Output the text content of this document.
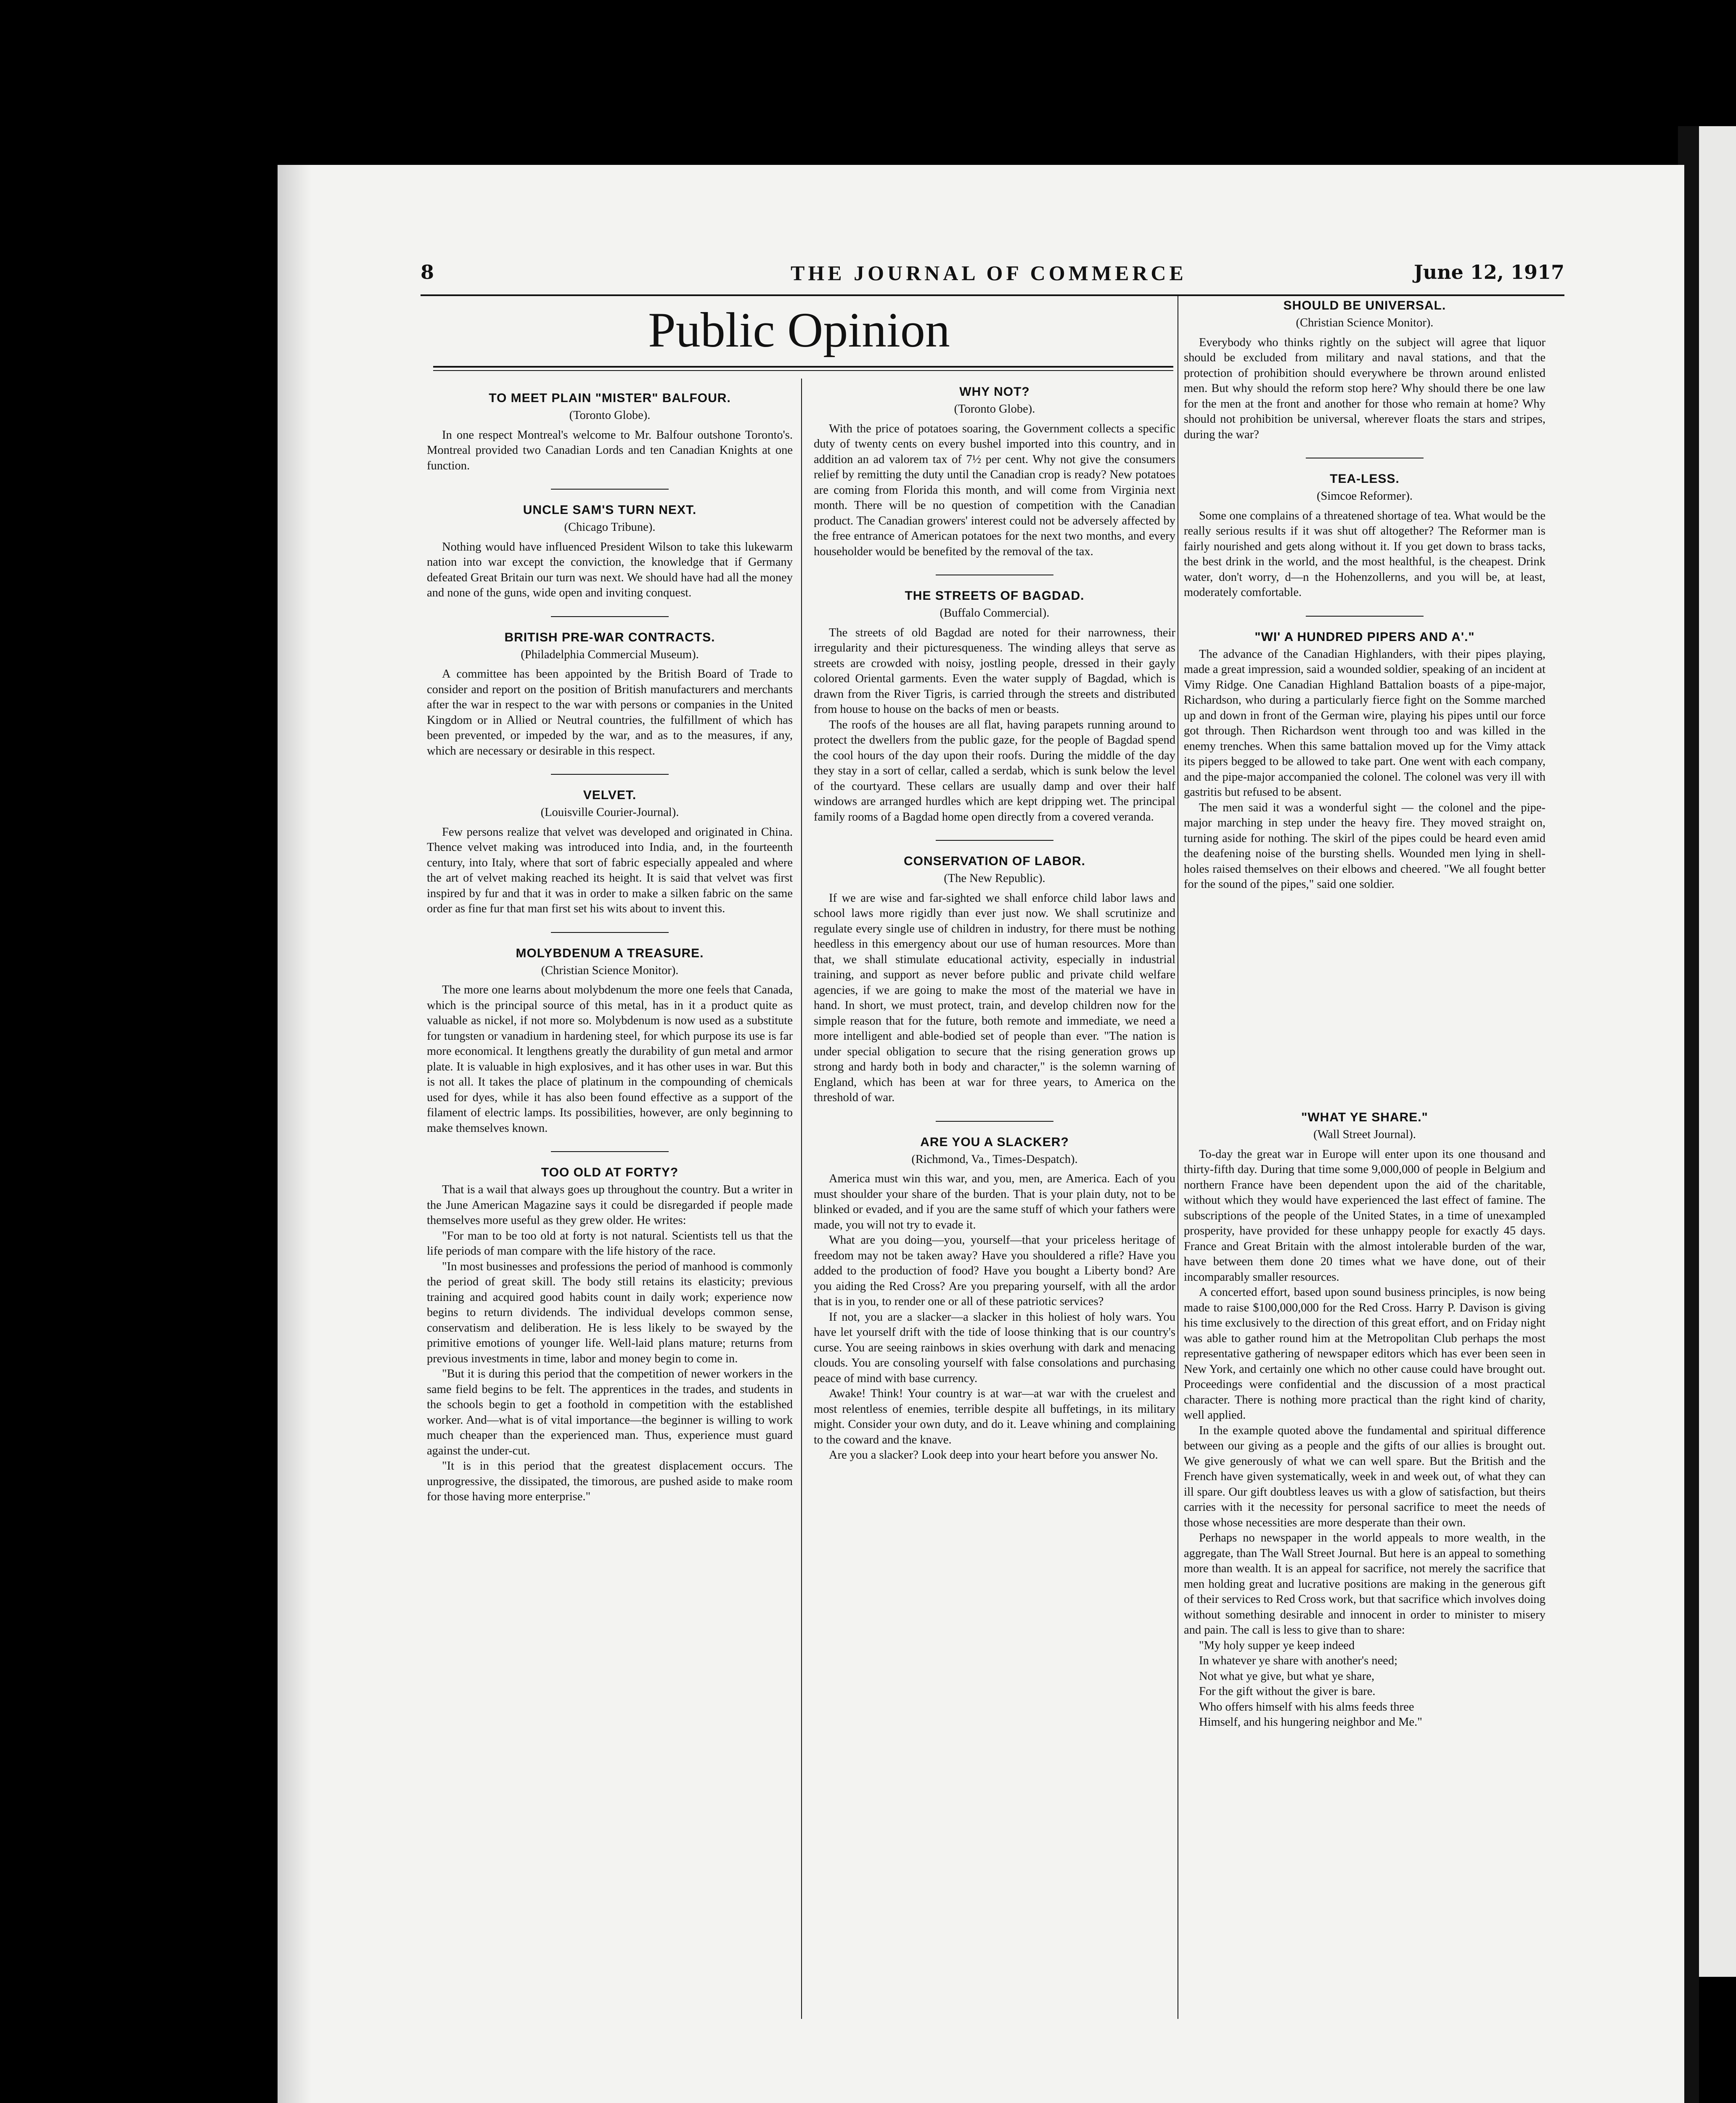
8	THE JOURNAL OF COMMERCE	June 12, 1917
Public Opinion
TO MEET PLAIN "MISTER" BALFOUR.
(Toronto Globe).

In one respect Montreal's welcome to Mr. Balfour outshone Toronto's. Montreal provided two Canadian Lords and ten Canadian Knights at one function.

UNCLE SAM'S TURN NEXT.
(Chicago Tribune).

Nothing would have influenced President Wilson to take this lukewarm nation into war except the conviction, the knowledge that if Germany defeated Great Britain our turn was next. We should have had all the money and none of the guns, wide open and inviting conquest.

BRITISH PRE-WAR CONTRACTS.
(Philadelphia Commercial Museum).

A committee has been appointed by the British Board of Trade to consider and report on the position of British manufacturers and merchants after the war in respect to the war with persons or companies in the United Kingdom or in Allied or Neutral countries, the fulfillment of which has been prevented, or impeded by the war, and as to the measures, if any, which are necessary or desirable in this respect.

VELVET.
(Louisville Courier-Journal).

Few persons realize that velvet was developed and originated in China. Thence velvet making was introduced into India, and, in the fourteenth century, into Italy, where that sort of fabric especially appealed and where the art of velvet making reached its height. It is said that velvet was first inspired by fur and that it was in order to make a silken fabric on the same order as fine fur that man first set his wits about to invent this.

MOLYBDENUM A TREASURE.
(Christian Science Monitor).

The more one learns about molybdenum the more one feels that Canada, which is the principal source of this metal, has in it a product quite as valuable as nickel, if not more so. Molybdenum is now used as a substitute for tungsten or vanadium in hardening steel, for which purpose its use is far more economical. It lengthens greatly the durability of gun metal and armor plate. It is valuable in high explosives, and it has other uses in war. But this is not all. It takes the place of platinum in the compounding of chemicals used for dyes, while it has also been found effective as a support of the filament of electric lamps. Its possibilities, however, are only beginning to make themselves known.

TOO OLD AT FORTY?

That is a wail that always goes up throughout the country. But a writer in the June American Magazine says it could be disregarded if people made themselves more useful as they grew older. He writes:

"For man to be too old at forty is not natural. Scientists tell us that the life periods of man compare with the life history of the race.

"In most businesses and professions the period of manhood is commonly the period of great skill. The body still retains its elasticity; previous training and acquired good habits count in daily work; experience now begins to return dividends. The individual develops common sense, conservatism and deliberation. He is less likely to be swayed by the primitive emotions of younger life. Well-laid plans mature; returns from previous investments in time, labor and money begin to come in.

"But it is during this period that the competition of newer workers in the same field begins to be felt. The apprentices in the trades, and students in the schools begin to get a foothold in competition with the established worker. And—what is of vital importance—the beginner is willing to work much cheaper than the experienced man. Thus, experience must guard against the under-cut.

"It is in this period that the greatest displacement occurs. The unprogressive, the dissipated, the timorous, are pushed aside to make room for those having more enterprise."

WHY NOT?
(Toronto Globe).

With the price of potatoes soaring, the Government collects a specific duty of twenty cents on every bushel imported into this country, and in addition an ad valorem tax of 7½ per cent. Why not give the consumers relief by remitting the duty until the Canadian crop is ready? New potatoes are coming from Florida this month, and will come from Virginia next month. There will be no question of competition with the Canadian product. The Canadian growers' interest could not be adversely affected by the free entrance of American potatoes for the next two months, and every householder would be benefited by the removal of the tax.

THE STREETS OF BAGDAD.
(Buffalo Commercial).

The streets of old Bagdad are noted for their narrowness, their irregularity and their picturesqueness. The winding alleys that serve as streets are crowded with noisy, jostling people, dressed in their gayly colored Oriental garments. Even the water supply of Bagdad, which is drawn from the River Tigris, is carried through the streets and distributed from house to house on the backs of men or beasts.

The roofs of the houses are all flat, having parapets running around to protect the dwellers from the public gaze, for the people of Bagdad spend the cool hours of the day upon their roofs. During the middle of the day they stay in a sort of cellar, called a serdab, which is sunk below the level of the courtyard. These cellars are usually damp and over their half windows are arranged hurdles which are kept dripping wet. The principal family rooms of a Bagdad home open directly from a covered veranda.

CONSERVATION OF LABOR.
(The New Republic).

If we are wise and far-sighted we shall enforce child labor laws and school laws more rigidly than ever just now. We shall scrutinize and regulate every single use of children in industry, for there must be nothing heedless in this emergency about our use of human resources. More than that, we shall stimulate educational activity, especially in industrial training, and support as never before public and private child welfare agencies, if we are going to make the most of the material we have in hand. In short, we must protect, train, and develop children now for the simple reason that for the future, both remote and immediate, we need a more intelligent and able-bodied set of people than ever. "The nation is under special obligation to secure that the rising generation grows up strong and hardy both in body and character," is the solemn warning of England, which has been at war for three years, to America on the threshold of war.

ARE YOU A SLACKER?
(Richmond, Va., Times-Despatch).

America must win this war, and you, men, are America. Each of you must shoulder your share of the burden. That is your plain duty, not to be blinked or evaded, and if you are the same stuff of which your fathers were made, you will not try to evade it.

What are you doing—you, yourself—that your priceless heritage of freedom may not be taken away? Have you shouldered a rifle? Have you added to the production of food? Have you bought a Liberty bond? Are you aiding the Red Cross? Are you preparing yourself, with all the ardor that is in you, to render one or all of these patriotic services?

If not, you are a slacker—a slacker in this holiest of holy wars. You have let yourself drift with the tide of loose thinking that is our country's curse. You are seeing rainbows in skies overhung with dark and menacing clouds. You are consoling yourself with false consolations and purchasing peace of mind with base currency.

Awake! Think! Your country is at war—at war with the cruelest and most relentless of enemies, terrible despite all buffetings, in its military might. Consider your own duty, and do it. Leave whining and complaining to the coward and the knave.

Are you a slacker? Look deep into your heart before you answer No.

SHOULD BE UNIVERSAL.
(Christian Science Monitor).

Everybody who thinks rightly on the subject will agree that liquor should be excluded from military and naval stations, and that the protection of prohibition should everywhere be thrown around enlisted men. But why should the reform stop here? Why should there be one law for the men at the front and another for those who remain at home? Why should not prohibition be universal, wherever floats the stars and stripes, during the war?

TEA-LESS.
(Simcoe Reformer).

Some one complains of a threatened shortage of tea. What would be the really serious results if it was shut off altogether? The Reformer man is fairly nourished and gets along without it. If you get down to brass tacks, the best drink in the world, and the most healthful, is the cheapest. Drink water, don't worry, d—n the Hohenzollerns, and you will be, at least, moderately comfortable.

"WI' A HUNDRED PIPERS AND A'."

The advance of the Canadian Highlanders, with their pipes playing, made a great impression, said a wounded soldier, speaking of an incident at Vimy Ridge. One Canadian Highland Battalion boasts of a pipe-major, Richardson, who during a particularly fierce fight on the Somme marched up and down in front of the German wire, playing his pipes until our force got through. Then Richardson went through too and was killed in the enemy trenches. When this same battalion moved up for the Vimy attack its pipers begged to be allowed to take part. One went with each company, and the pipe-major accompanied the colonel. The colonel was very ill with gastritis but refused to be absent.

The men said it was a wonderful sight — the colonel and the pipe-major marching in step under the heavy fire. They moved straight on, turning aside for nothing. The skirl of the pipes could be heard even amid the deafening noise of the bursting shells. Wounded men lying in shell-holes raised themselves on their elbows and cheered. "We all fought better for the sound of the pipes," said one soldier.

"WHAT YE SHARE."
(Wall Street Journal).

To-day the great war in Europe will enter upon its one thousand and thirty-fifth day. During that time some 9,000,000 of people in Belgium and northern France have been dependent upon the aid of the charitable, without which they would have experienced the last effect of famine. The subscriptions of the people of the United States, in a time of unexampled prosperity, have provided for these unhappy people for exactly 45 days. France and Great Britain with the almost intolerable burden of the war, have between them done 20 times what we have done, out of their incomparably smaller resources.

A concerted effort, based upon sound business principles, is now being made to raise $100,000,000 for the Red Cross. Harry P. Davison is giving his time exclusively to the direction of this great effort, and on Friday night was able to gather round him at the Metropolitan Club perhaps the most representative gathering of newspaper editors which has ever been seen in New York, and certainly one which no other cause could have brought out. Proceedings were confidential and the discussion of a most practical character. There is nothing more practical than the right kind of charity, well applied.

In the example quoted above the fundamental and spiritual difference between our giving as a people and the gifts of our allies is brought out. We give generously of what we can well spare. But the British and the French have given systematically, week in and week out, of what they can ill spare. Our gift doubtless leaves us with a glow of satisfaction, but theirs carries with it the necessity for personal sacrifice to meet the needs of those whose necessities are more desperate than their own.

Perhaps no newspaper in the world appeals to more wealth, in the aggregate, than The Wall Street Journal. But here is an appeal to something more than wealth. It is an appeal for sacrifice, not merely the sacrifice that men holding great and lucrative positions are making in the generous gift of their services to Red Cross work, but that sacrifice which involves doing without something desirable and innocent in order to minister to misery and pain. The call is less to give than to share:

"My holy supper ye keep indeed

In whatever ye share with another's need;

Not what ye give, but what ye share,

For the gift without the giver is bare.

Who offers himself with his alms feeds three

Himself, and his hungering neighbor and Me."
